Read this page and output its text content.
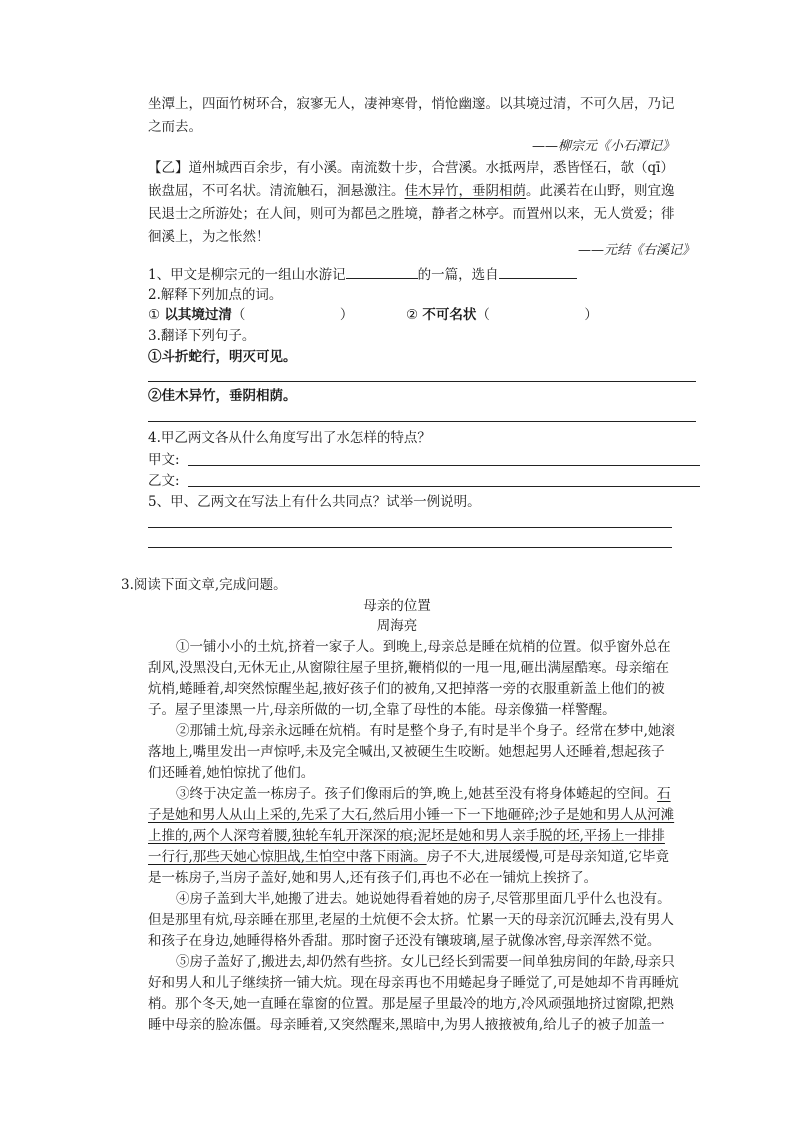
坐潭上，四面竹树环合，寂寥无人，凄神寒骨，悄怆幽邃。以其境过清，不可久居，乃记
之而去。
——柳宗元《小石潭记》
【乙】道州城西百余步，有小溪。南流数十步，合营溪。水抵两岸，悉皆怪石，欹（qī）
嵌盘屈，不可名状。清流触石，洄悬激注。佳木异竹，垂阴相荫。此溪若在山野，则宜逸
民退士之所游处；在人间，则可为都邑之胜境，静者之林亭。而置州以来，无人赏爱；徘
徊溪上，为之怅然！
——元结《右溪记》
1、甲文是柳宗元的一组山水游记	的一篇，选自
2.解释下列加点的词。
① 以其境过清（　　　　　　　）	② 不可名状（　　　　　　　）
3.翻译下列句子。
①斗折蛇行，明灭可见。
②佳木异竹，垂阴相荫。
4.甲乙两文各从什么角度写出了水怎样的特点？
甲文:
乙文:
5、甲、乙两文在写法上有什么共同点？试举一例说明。
3.阅读下面文章,完成问题。
母亲的位置
周海亮
①一铺小小的土炕,挤着一家子人。到晚上,母亲总是睡在炕梢的位置。似乎窗外总在
刮风,没黑没白,无休无止,从窗隙往屋子里挤,鞭梢似的一甩一甩,砸出满屋酷寒。母亲缩在
炕梢,蜷睡着,却突然惊醒坐起,掖好孩子们的被角,又把掉落一旁的衣服重新盖上他们的被
子。屋子里漆黑一片,母亲所做的一切,全靠了母性的本能。母亲像猫一样警醒。
②那铺土炕,母亲永远睡在炕梢。有时是整个身子,有时是半个身子。经常在梦中,她滚
落地上,嘴里发出一声惊呼,未及完全喊出,又被硬生生咬断。她想起男人还睡着,想起孩子
们还睡着,她怕惊扰了他们。
③终于决定盖一栋房子。孩子们像雨后的笋,晚上,她甚至没有将身体蜷起的空间。石
子是她和男人从山上采的,先采了大石,然后用小锤一下一下地砸碎;沙子是她和男人从河滩
上推的,两个人深弯着腰,独轮车轧开深深的痕;泥坯是她和男人亲手脱的坯,平扬上一排排
一行行,那些天她心惊胆战,生怕空中落下雨滴。房子不大,进展缓慢,可是母亲知道,它毕竟
是一栋房子,当房子盖好,她和男人,还有孩子们,再也不必在一铺炕上挨挤了。
④房子盖到大半,她搬了进去。她说她得看着她的房子,尽管那里面几乎什么也没有。
但是那里有炕,母亲睡在那里,老屋的土炕便不会太挤。忙累一天的母亲沉沉睡去,没有男人
和孩子在身边,她睡得格外香甜。那时窗子还没有镶玻璃,屋子就像冰窖,母亲浑然不觉。
⑤房子盖好了,搬进去,却仍然有些挤。女儿已经长到需要一间单独房间的年龄,母亲只
好和男人和儿子继续挤一铺大炕。现在母亲再也不用蜷起身子睡觉了,可是她却不肯再睡炕
梢。那个冬天,她一直睡在靠窗的位置。那是屋子里最冷的地方,冷风顽强地挤过窗隙,把熟
睡中母亲的脸冻僵。母亲睡着,又突然醒来,黑暗中,为男人掖掖被角,给儿子的被子加盖一
